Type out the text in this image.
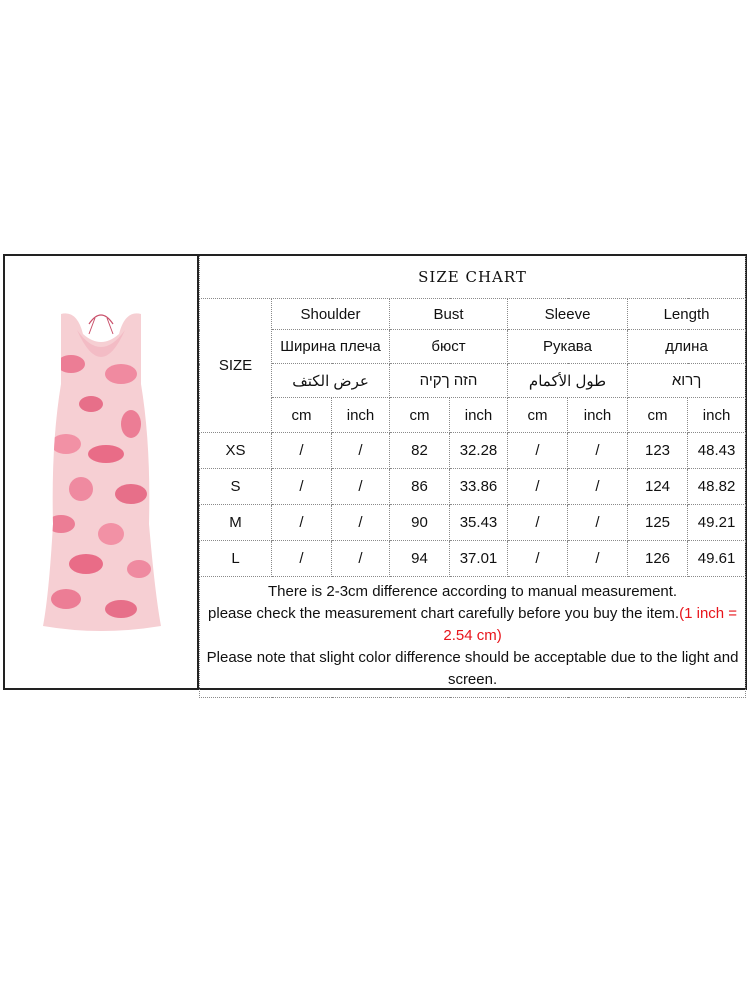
SIZE CHART								
SIZE	Shoulder		Bust		Sleeve		Length	
	Ширина плеча		бюст		Рукава		длина	
	عرض الكتف		הזה ךקיה		طول الأكمام		ךרוא	
	cm	inch	cm	inch	cm	inch	cm	inch
XS	/	/	82	32.28	/	/	123	48.43
S	/	/	86	33.86	/	/	124	48.82
M	/	/	90	35.43	/	/	125	49.21
L	/	/	94	37.01	/	/	126	49.61

There is 2-3cm difference according to manual measurement.
please check the measurement chart carefully before you buy the item.(1 inch = 2.54 cm)
Please note that slight color difference should be acceptable due to the light and screen.								
